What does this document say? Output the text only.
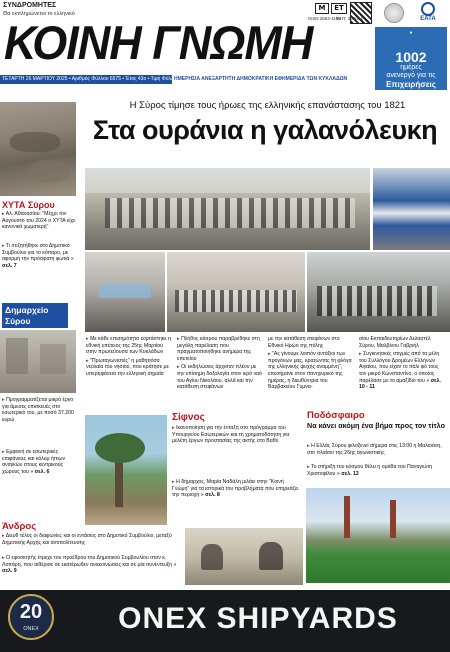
ΣΥΝΔΡΟΜΗΤΕΣ
Θα εκπληρώνεται το ελληνικό
M	ET
ISSN 2653-1106
ΜΗΤ. 230014	ΕΑΤΑ
ΚΟΙΝΗ ΓΝΩΜΗ	●
1002
ημέρες
ανενεργό για τις
Επιχειρήσεις
ΤΕΤΑΡΤΗ 26 ΜΑΡΤΙΟΥ 2025 • Αριθμός Φύλλου 6575 • Έτος 43ο • Τιμή Φύλλου 0,50€
ΗΜΕΡΗΣΙΑ ΑΝΕΞΑΡΤΗΤΗ ΔΗΜΟΚΡΑΤΙΚΗ ΕΦΗΜΕΡΙΔΑ ΤΩΝ ΚΥΚΛΑΔΩΝ
ΧΥΤΑ Σύρου
▸ Αλ. Αθανασίου: "Μέχρι τον Αύγουστο του 2024 ο ΧΥΤΑ είχε κανονικά χωματερή"
▸ Τι συζητήθηκε στο Δημοτικό Συμβούλιο για το κόπαρο, με αφορμή την πρόσφατη φωτιά » σελ. 7
Δημαρχείο Σύρου
▸ Προγραμματίζεται μικρό έργο για άμεσες επισκευές στο εσωτερικό του, με ποσό 37.200 ευρώ
▸ Εμφανή σε εσωτερικές επιφάνειες και κόλυμ ήπιων αναγκών στους κεντρικούς χώρους του » σελ. 6
Η Σύρος τίμησε τους ήρωες της ελληνικής επανάστασης του 1821
Στα ουράνια η γαλανόλευκη
▸ Με κάθε επισημότητα εορτάστηκε η εθνική επέτειος της 25ης Μαρτίου στην πρωτεύουσα των Κυκλάδων
▸ "Πρωταγωνιστές" η μαθητιόσα νεολαία του νησιού, που κράτησε με υπερηφάνεια την ελληνική σημαία
▸ Πλήθος κόσμου παραβρέθηκε στη μεγάλη παρέλαση που πραγματοποιήθηκε ανήμερα της επετείου
▸ Οι εκδηλώσεις άρχισαν πλέον με την επίσημη δοξολογία στον ιερό ναό του Αγίου Νικολάου, αλλά και την κατάθεση στεφάνων
με την κατάθεση στεφάνων στο Εθνικό Ηρώο της πόλης
▸ "Ας γίνουμε λοιπόν αντάξιοι των προγόνων μας, κρατώντας τη φλόγα της ελληνικής ψυχής αναμμένη", επεσήμανε στον πανηγυρικό της ημέρας, η διευθύντρια του Βαρβακείου Γυμνα-
σίου Εκπαιδευτηρίων Δελαστέλ Σύρου, Μαλβίνου Γαβριήλ
▸ Συγκινητικές στιγμές από τα μέλη του Συλλόγου Δρομέων Ελλήνων Αιγαίου, που είχαν το πάλι φό τους τον μικρό Κωνσταντίνο, ο οποίος παρέλασε με το αμαξίδιο του » σελ. 10 - 11
Σίφνος
▸ Ικανοποίηση για την ένταξη στο πρόγραμμα του Υπουργείου Εσωτερικών και τη χρηματοδότηση για μελέτη έργων προστασίας της ακτής στο Βαθύ
▸ Η δήμαρχος, Μαρία Ναδάλη μιλάει στην "Κοινή Γνώμη" για τα ιστορικά του προβλήματα που επηρεάζει την περιοχή » σελ. 8
Ποδόσφαιρο
Να κάνει ακόμη ένα βήμα προς τον τίτλο
▸ Η Ελλάς Σύρου φιλοξενεί σήμερα στις 13:00 η Μαλαιάνη, στο πλαίσιο της 26ης αγωνιστικής
▸ Το στήριξη του κόσμου θέλει η ομάδα του Παναγιώτη Χριστοφίλου » σελ. 12
Άνδρος
▸ Διευθ τέλος οι διαφωνίες και οι εντάσεις στο Δημοτικό Συμβούλιο, μεταξύ Δημοτικής Αρχής και αντιπολίτευσης
▸ Ο εφοσκητής έτρεχε του προέδρου του Δημοτικού Συμβουλίου στον κ. Λοπάρη, που αιθέρισε σε εκατέρωθεν ανακοινώσεις και σε μία συνέντευξη » σελ. 9
20
ONEX	ONEX SHIPYARDS
